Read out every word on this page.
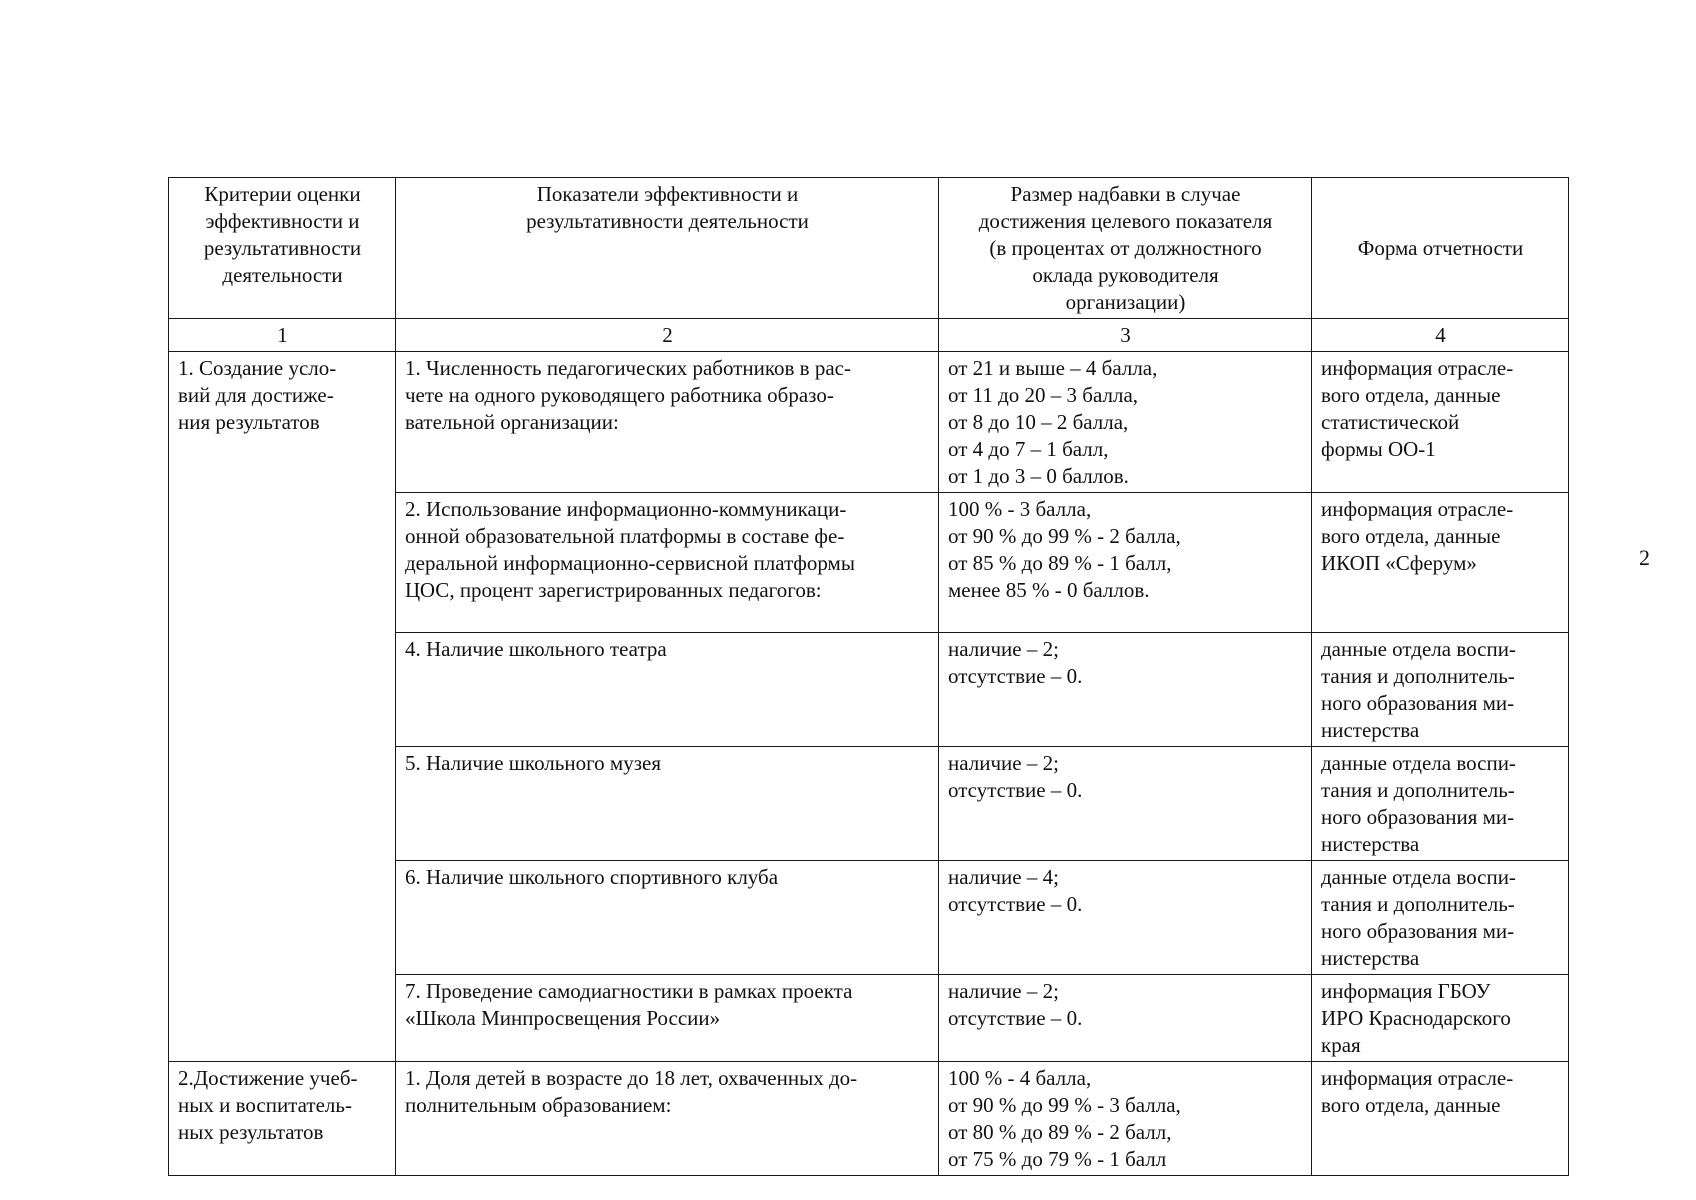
2
Критерии оценки
эффективности и
результативности
деятельности	Показатели эффективности и
результативности деятельности	Размер надбавки в случае
достижения целевого показателя
(в процентах от должностного
оклада руководителя
организации)	Форма отчетности

1	2	3	4

1. Создание усло-
вий для достиже-
ния результатов	1. Численность педагогических работников в рас-
чете на одного руководящего работника образо-
вательной организации:	от 21 и выше – 4 балла,
от 11 до 20 – 3 балла,
от 8 до 10 – 2 балла,
от 4 до 7 – 1 балл,
от 1 до 3 – 0 баллов.	информация отрасле-
вого отдела, данные
статистической
формы ОО-1

	2. Использование информационно-коммуникаци-
онной образовательной платформы в составе фе-
деральной информационно-сервисной платформы
ЦОС, процент зарегистрированных педагогов:	100 % - 3 балла,
от 90 % до 99 % - 2 балла,
от 85 % до 89 % - 1 балл,
менее 85 % - 0 баллов.	информация отрасле-
вого отдела, данные
ИКОП «Сферум»

	4. Наличие школьного театра	наличие – 2;
отсутствие – 0.	данные отдела воспи-
тания и дополнитель-
ного образования ми-
нистерства

	5. Наличие школьного музея	наличие – 2;
отсутствие – 0.	данные отдела воспи-
тания и дополнитель-
ного образования ми-
нистерства

	6. Наличие школьного спортивного клуба	наличие – 4;
отсутствие – 0.	данные отдела воспи-
тания и дополнитель-
ного образования ми-
нистерства

	7. Проведение самодиагностики в рамках проекта
«Школа Минпросвещения России»	наличие – 2;
отсутствие – 0.	информация ГБОУ
ИРО Краснодарского
края

2.Достижение учеб-
ных и воспитатель-
ных результатов	1. Доля детей в возрасте до 18 лет, охваченных до-
полнительным образованием:	100 % - 4 балла,
от 90 % до 99 % - 3 балла,
от 80 % до 89 % - 2 балл,
от 75 % до 79 % - 1 балл	информация отрасле-
вого отдела, данные
